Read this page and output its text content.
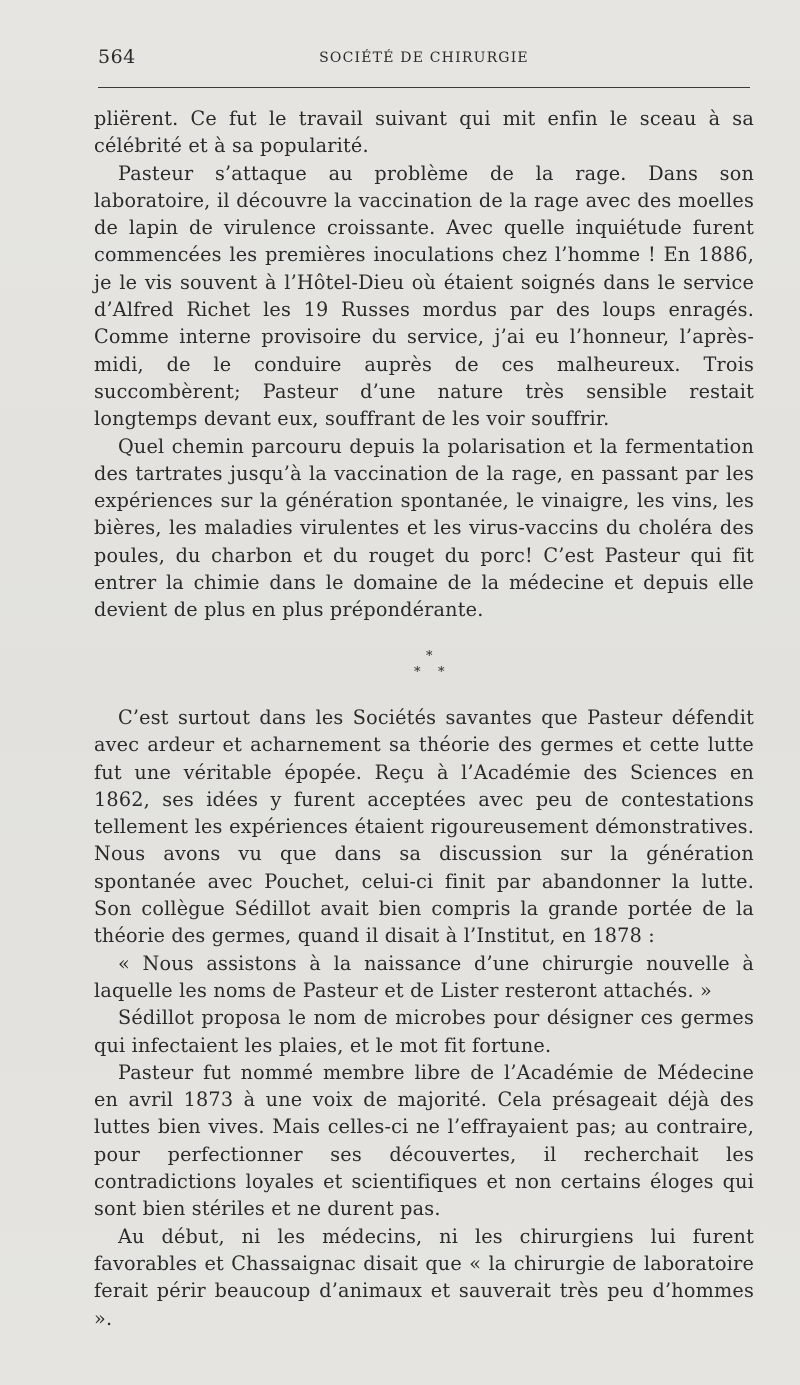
564	SOCIÉTÉ DE CHIRURGIE

pliërent. Ce fut le travail suivant qui mit enfin le sceau à sa célébrité et à sa popularité.

Pasteur s’attaque au problème de la rage. Dans son laboratoire, il découvre la vaccination de la rage avec des moelles de lapin de virulence croissante. Avec quelle inquiétude furent commencées les premières inoculations chez l’homme ! En 1886, je le vis souvent à l’Hôtel-Dieu où étaient soignés dans le service d’Alfred Richet les 19 Russes mordus par des loups enragés. Comme interne provisoire du service, j’ai eu l’honneur, l’après-midi, de le conduire auprès de ces malheureux. Trois succombèrent; Pasteur d’une nature très sensible restait longtemps devant eux, souffrant de les voir souffrir.

Quel chemin parcouru depuis la polarisation et la fermentation des tartrates jusqu’à la vaccination de la rage, en passant par les expériences sur la génération spontanée, le vinaigre, les vins, les bières, les maladies virulentes et les virus-vaccins du choléra des poules, du charbon et du rouget du porc! C’est Pasteur qui fit entrer la chimie dans le domaine de la médecine et depuis elle devient de plus en plus prépondérante.

*
* *

C’est surtout dans les Sociétés savantes que Pasteur défendit avec ardeur et acharnement sa théorie des germes et cette lutte fut une véritable épopée. Reçu à l’Académie des Sciences en 1862, ses idées y furent acceptées avec peu de contestations tellement les expériences étaient rigoureusement démonstratives. Nous avons vu que dans sa discussion sur la génération spontanée avec Pouchet, celui-ci finit par abandonner la lutte. Son collègue Sédillot avait bien compris la grande portée de la théorie des germes, quand il disait à l’Institut, en 1878 :

« Nous assistons à la naissance d’une chirurgie nouvelle à laquelle les noms de Pasteur et de Lister resteront attachés. »

Sédillot proposa le nom de microbes pour désigner ces germes qui infectaient les plaies, et le mot fit fortune.

Pasteur fut nommé membre libre de l’Académie de Médecine en avril 1873 à une voix de majorité. Cela présageait déjà des luttes bien vives. Mais celles-ci ne l’effrayaient pas; au contraire, pour perfectionner ses découvertes, il recherchait les contradictions loyales et scientifiques et non certains éloges qui sont bien stériles et ne durent pas.

Au début, ni les médecins, ni les chirurgiens lui furent favorables et Chassaignac disait que « la chirurgie de laboratoire ferait périr beaucoup d’animaux et sauverait très peu d’hommes ».
